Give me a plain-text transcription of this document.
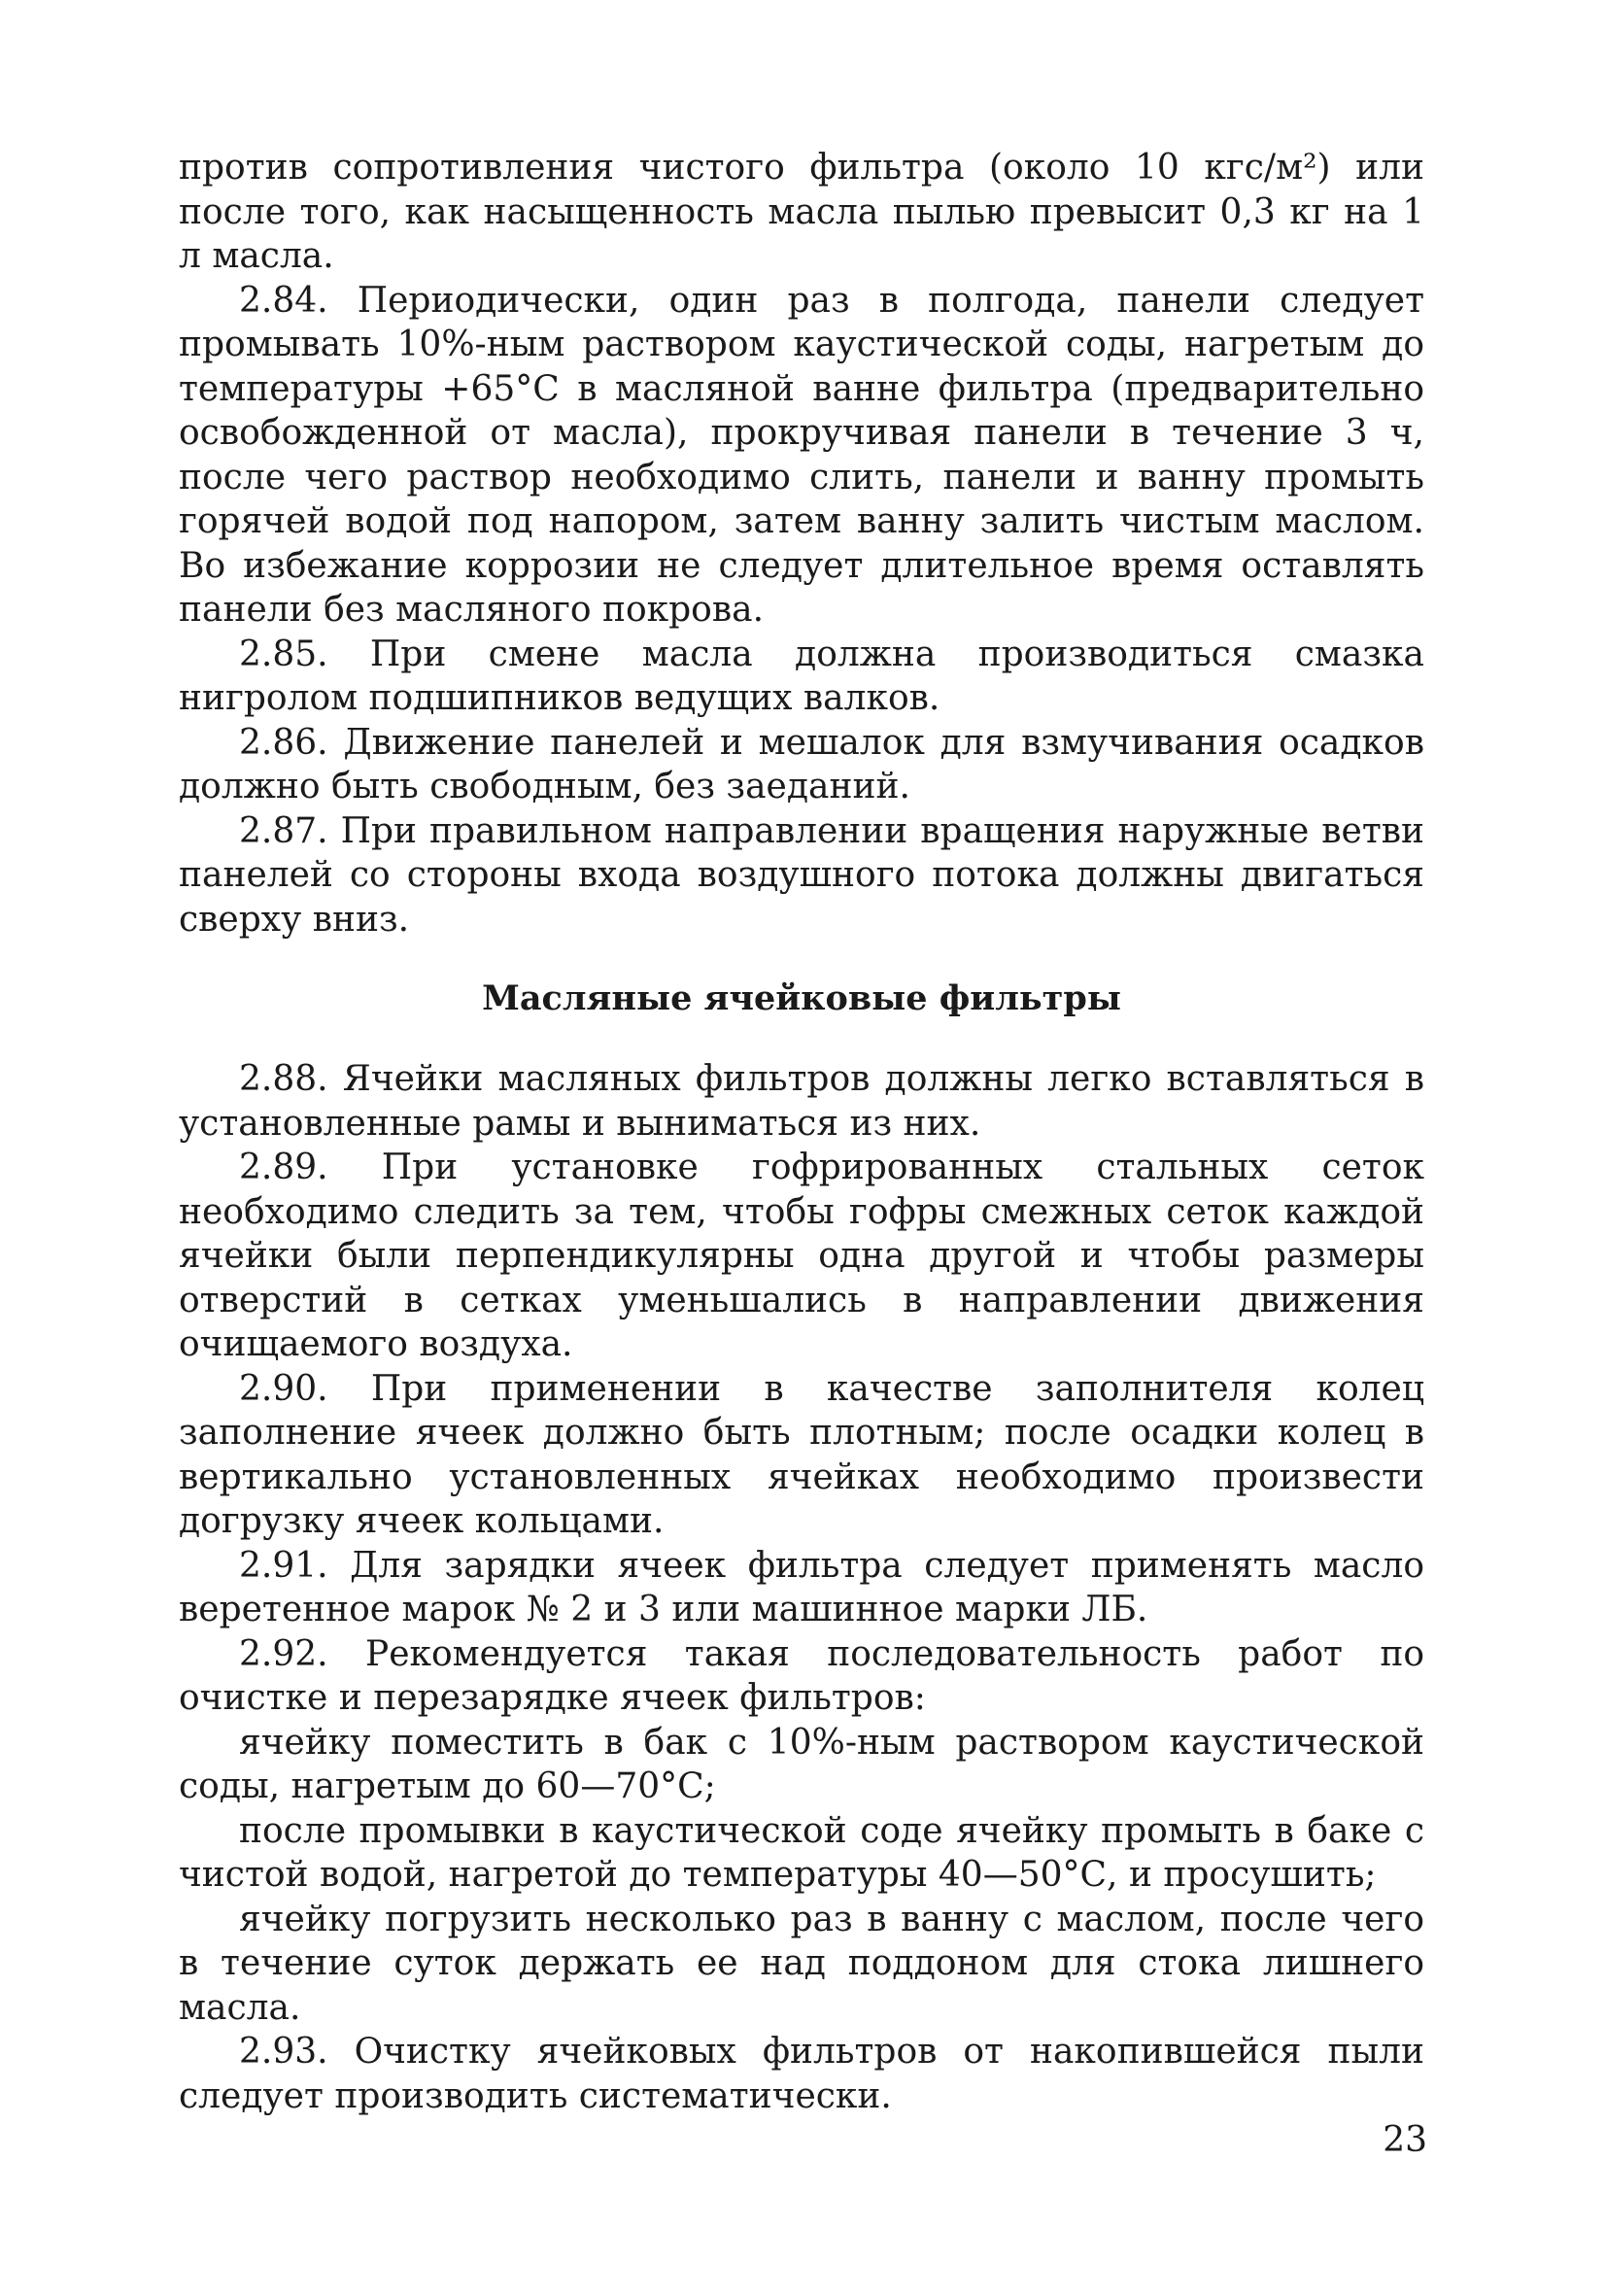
против сопротивления чистого фильтра (около 10 кгс/м²) или после того, как насыщенность масла пылью превысит 0,3 кг на 1 л масла.

2.84. Периодически, один раз в полгода, панели следует промывать 10%-ным раствором каустической соды, нагретым до температуры +65°С в масляной ванне фильтра (предварительно освобожденной от масла), прокручивая панели в течение 3 ч, после чего раствор необходимо слить, панели и ванну промыть горячей водой под напором, затем ванну залить чистым маслом. Во избежание коррозии не следует длительное время оставлять панели без масляного покрова.

2.85. При смене масла должна производиться смазка нигролом подшипников ведущих валков.

2.86. Движение панелей и мешалок для взмучивания осадков должно быть свободным, без заеданий.

2.87. При правильном направлении вращения наружные ветви панелей со стороны входа воздушного потока должны двигаться сверху вниз.

Масляные ячейковые фильтры

2.88. Ячейки масляных фильтров должны легко вставляться в установленные рамы и выниматься из них.

2.89. При установке гофрированных стальных сеток необходимо следить за тем, чтобы гофры смежных сеток каждой ячейки были перпендикулярны одна другой и чтобы размеры отверстий в сетках уменьшались в направлении движения очищаемого воздуха.

2.90. При применении в качестве заполнителя колец заполнение ячеек должно быть плотным; после осадки колец в вертикально установленных ячейках необходимо произвести догрузку ячеек кольцами.

2.91. Для зарядки ячеек фильтра следует применять масло веретенное марок № 2 и 3 или машинное марки ЛБ.

2.92. Рекомендуется такая последовательность работ по очистке и перезарядке ячеек фильтров:

ячейку поместить в бак с 10%-ным раствором каустической соды, нагретым до 60—70°С;

после промывки в каустической соде ячейку промыть в баке с чистой водой, нагретой до температуры 40—50°С, и просушить;

ячейку погрузить несколько раз в ванну с маслом, после чего в течение суток держать ее над поддоном для стока лишнего масла.

2.93. Очистку ячейковых фильтров от накопившейся пыли следует производить систематически.

23
